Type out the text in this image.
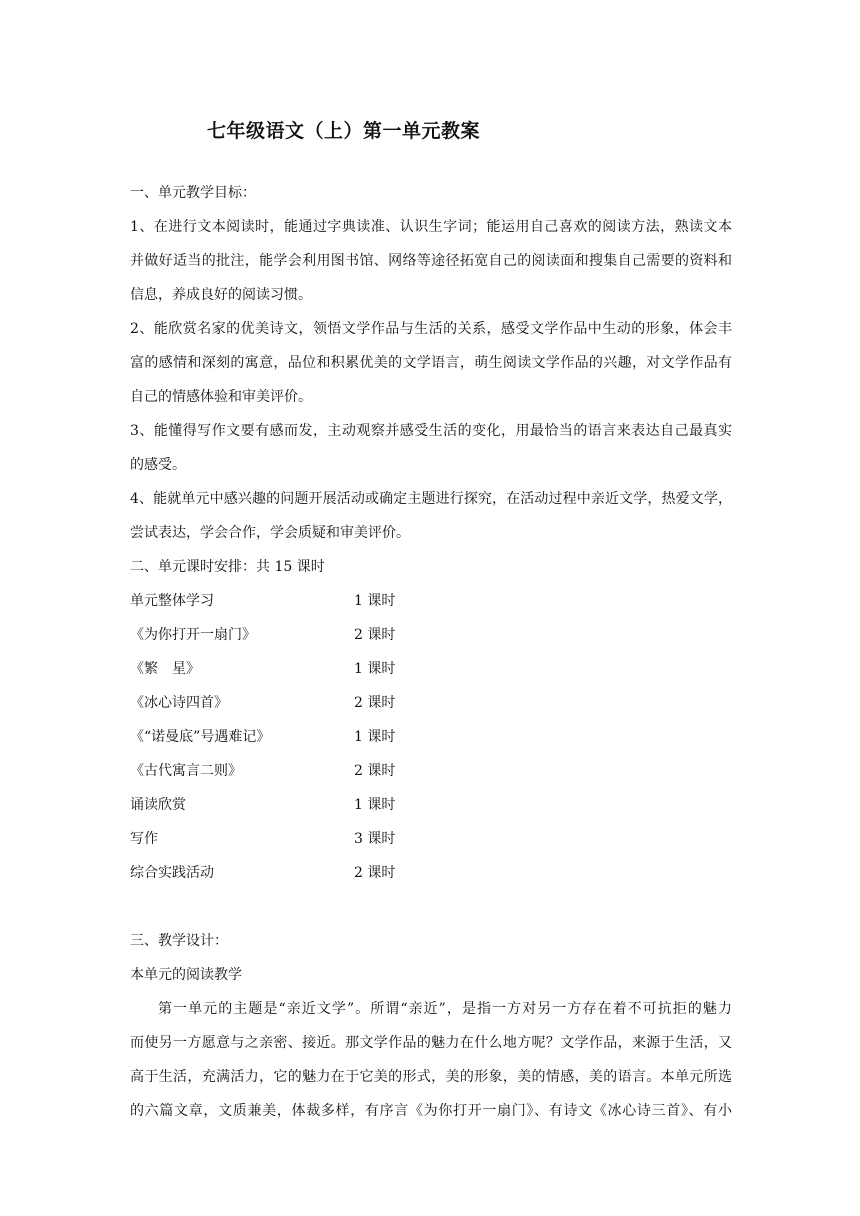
七年级语文（上）第一单元教案

一、单元教学目标：

1、在进行文本阅读时，能通过字典读准、认识生字词；能运用自己喜欢的阅读方法，熟读文本

并做好适当的批注，能学会利用图书馆、网络等途径拓宽自己的阅读面和搜集自己需要的资料和

信息，养成良好的阅读习惯。

2、能欣赏名家的优美诗文，领悟文学作品与生活的关系，感受文学作品中生动的形象，体会丰

富的感情和深刻的寓意，品位和积累优美的文学语言，萌生阅读文学作品的兴趣，对文学作品有

自己的情感体验和审美评价。

3、能懂得写作文要有感而发，主动观察并感受生活的变化，用最恰当的语言来表达自己最真实

的感受。

4、能就单元中感兴趣的问题开展活动或确定主题进行探究，在活动过程中亲近文学，热爱文学，

尝试表达，学会合作，学会质疑和审美评价。

二、单元课时安排：共 15 课时

单元整体学习	1 课时
《为你打开一扇门》	2 课时
《繁　星》	1 课时
《冰心诗四首》	2 课时
《“诺曼底”号遇难记》	1 课时
《古代寓言二则》	2 课时
诵读欣赏	1 课时
写作	3 课时
综合实践活动	2 课时

三、教学设计：

本单元的阅读教学

第一单元的主题是“亲近文学”。所谓“亲近”，是指一方对另一方存在着不可抗拒的魅力

而使另一方愿意与之亲密、接近。那文学作品的魅力在什么地方呢？文学作品，来源于生活，又

高于生活，充满活力，它的魅力在于它美的形式，美的形象，美的情感，美的语言。本单元所选

的六篇文章，文质兼美，体裁多样，有序言《为你打开一扇门》、有诗文《冰心诗三首》、有小
